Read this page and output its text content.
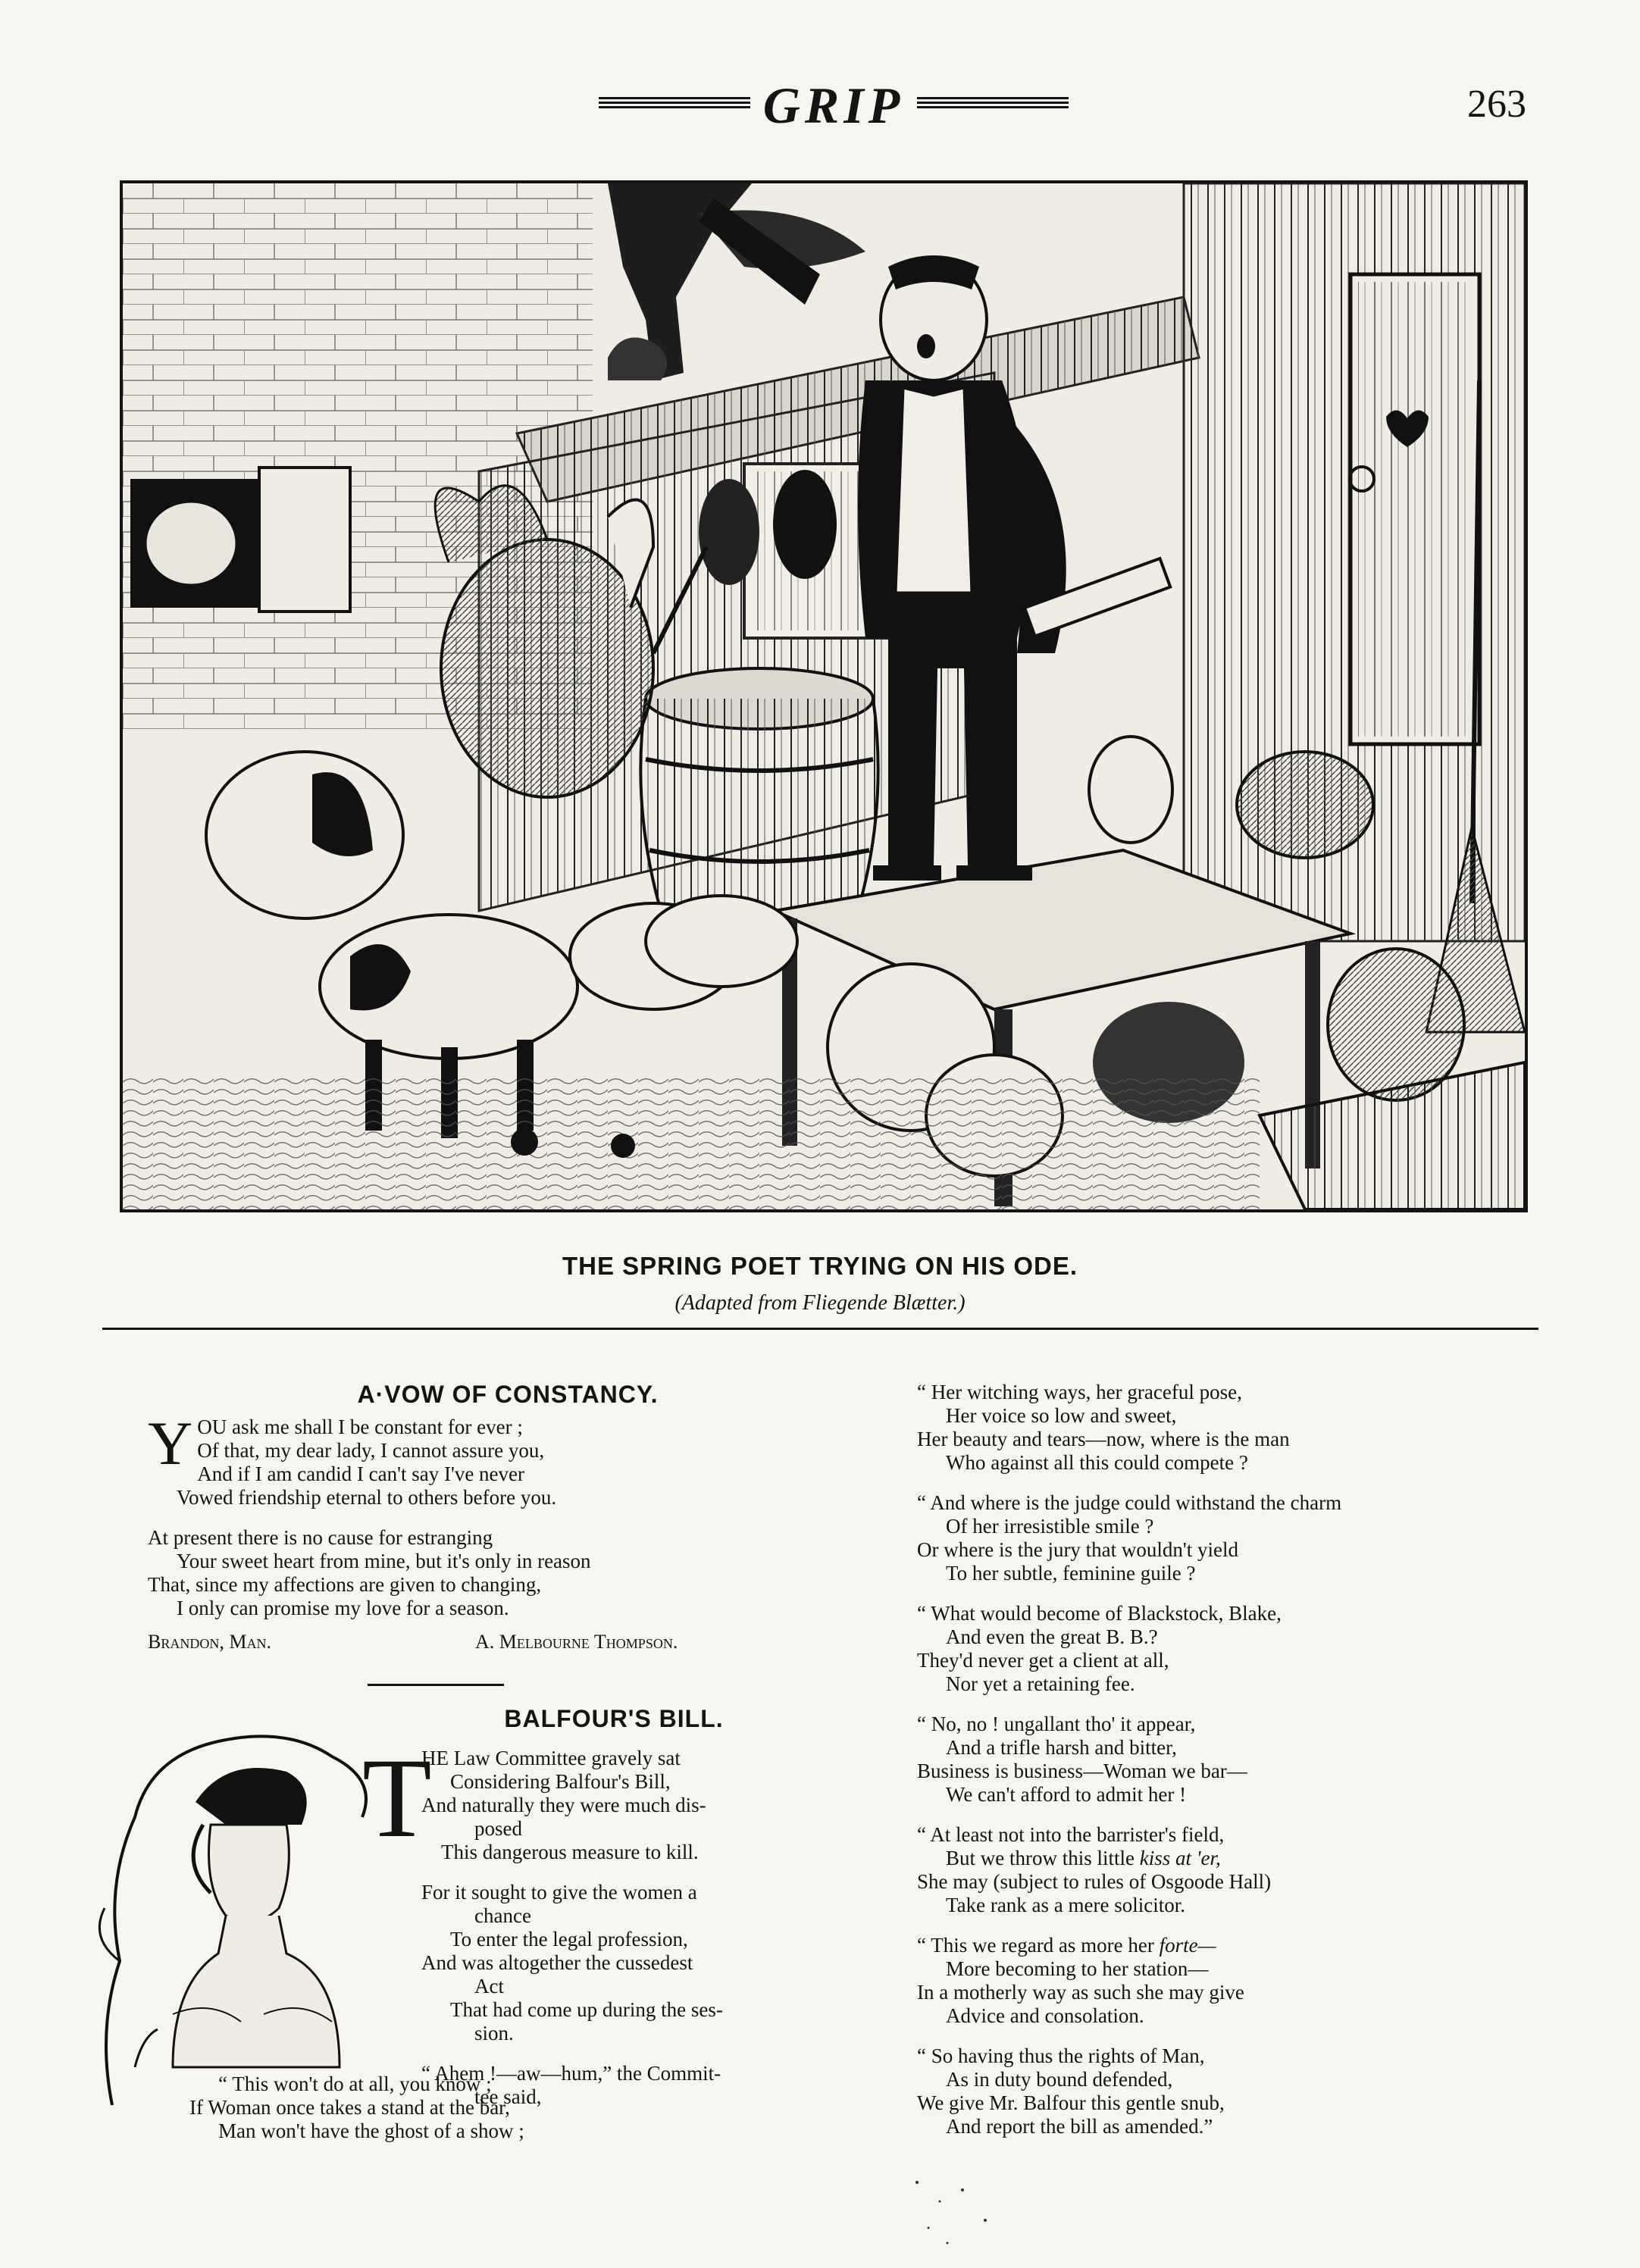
GRIP	263
THE SPRING POET TRYING ON HIS ODE.
(Adapted from Fliegende Blætter.)
A·VOW OF CONSTANCY.
Y OU ask me shall I be constant for ever ;
Of that, my dear lady, I cannot assure you,
And if I am candid I can't say I've never
Vowed friendship eternal to others before you.
At present there is no cause for estranging
Your sweet heart from mine, but it's only in reason
That, since my affections are given to changing,
I only can promise my love for a season.
Brandon, Man.	A. Melbourne Thompson.
BALFOUR'S BILL.
T
HE Law Committee gravely sat
Considering Balfour's Bill,
And naturally they were much dis-
posed
This dangerous measure to kill.
For it sought to give the women a
chance
To enter the legal profession,
And was altogether the cussedest
Act
That had come up during the ses-
sion.
“ Ahem !—aw—hum,” the Commit-
tee said,
“ This won't do at all, you know ;
If Woman once takes a stand at the bar,
Man won't have the ghost of a show ;
“ Her witching ways, her graceful pose,
Her voice so low and sweet,
Her beauty and tears—now, where is the man
Who against all this could compete ?
“ And where is the judge could withstand the charm
Of her irresistible smile ?
Or where is the jury that wouldn't yield
To her subtle, feminine guile ?
“ What would become of Blackstock, Blake,
And even the great B. B.?
They'd never get a client at all,
Nor yet a retaining fee.
“ No, no ! ungallant tho' it appear,
And a trifle harsh and bitter,
Business is business—Woman we bar—
We can't afford to admit her !
“ At least not into the barrister's field,
But we throw this little kiss at 'er,
She may (subject to rules of Osgoode Hall)
Take rank as a mere solicitor.
“ This we regard as more her forte—
More becoming to her station—
In a motherly way as such she may give
Advice and consolation.
“ So having thus the rights of Man,
As in duty bound defended,
We give Mr. Balfour this gentle snub,
And report the bill as amended.”
